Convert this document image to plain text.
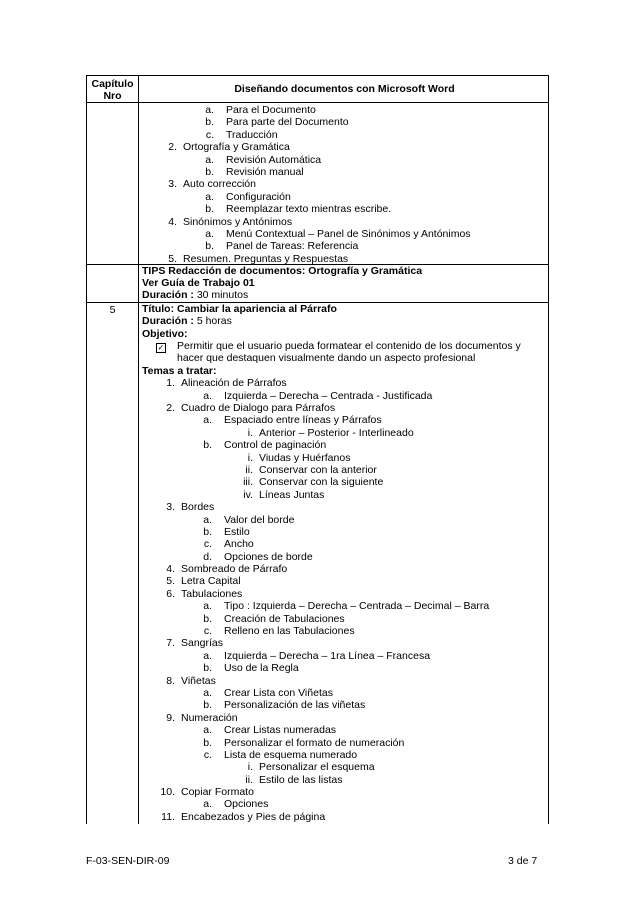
Capítulo
Nro
Diseñando documentos con Microsoft Word
a. Para el Documento
b. Para parte del Documento
c. Traducción
2. Ortografía y Gramática
a. Revisión Automática
b. Revisión manual
3. Auto corrección
a. Configuración
b. Reemplazar texto mientras escribe.
4. Sinónimos y Antónimos
a. Menú Contextual – Panel de Sinónimos y Antónimos
b. Panel de Tareas: Referencia
5. Resumen. Preguntas y Respuestas
TIPS Redacción de documentos: Ortografía y Gramática
Ver Guía de Trabajo 01
Duración : 30 minutos
5	Título: Cambiar la apariencia al Párrafo
Duración : 5 horas
Objetivo:
✓ Permitir que el usuario pueda formatear el contenido de los documentos y
hacer que destaquen visualmente dando un aspecto profesional
Temas a tratar:
1. Alineación de Párrafos
a. Izquierda – Derecha – Centrada - Justificada
2. Cuadro de Dialogo para Párrafos
a. Espaciado entre líneas y Párrafos
i. Anterior – Posterior - Interlineado
b. Control de paginación
i. Viudas y Huérfanos
ii. Conservar con la anterior
iii. Conservar con la siguiente
iv. Líneas Juntas
3. Bordes
a. Valor del borde
b. Estilo
c. Ancho
d. Opciones de borde
4. Sombreado de Párrafo
5. Letra Capital
6. Tabulaciones
a. Tipo : Izquierda – Derecha – Centrada – Decimal – Barra
b. Creación de Tabulaciones
c. Relleno en las Tabulaciones
7. Sangrías
a. Izquierda – Derecha – 1ra Línea – Francesa
b. Uso de la Regla
8. Viñetas
a. Crear Lista con Viñetas
b. Personalización de las viñetas
9. Numeración
a. Crear Listas numeradas
b. Personalizar el formato de numeración
c. Lista de esquema numerado
i. Personalizar el esquema
ii. Estilo de las listas
10. Copiar Formato
a. Opciones
11. Encabezados y Pies de página
F-03-SEN-DIR-09	3 de 7
